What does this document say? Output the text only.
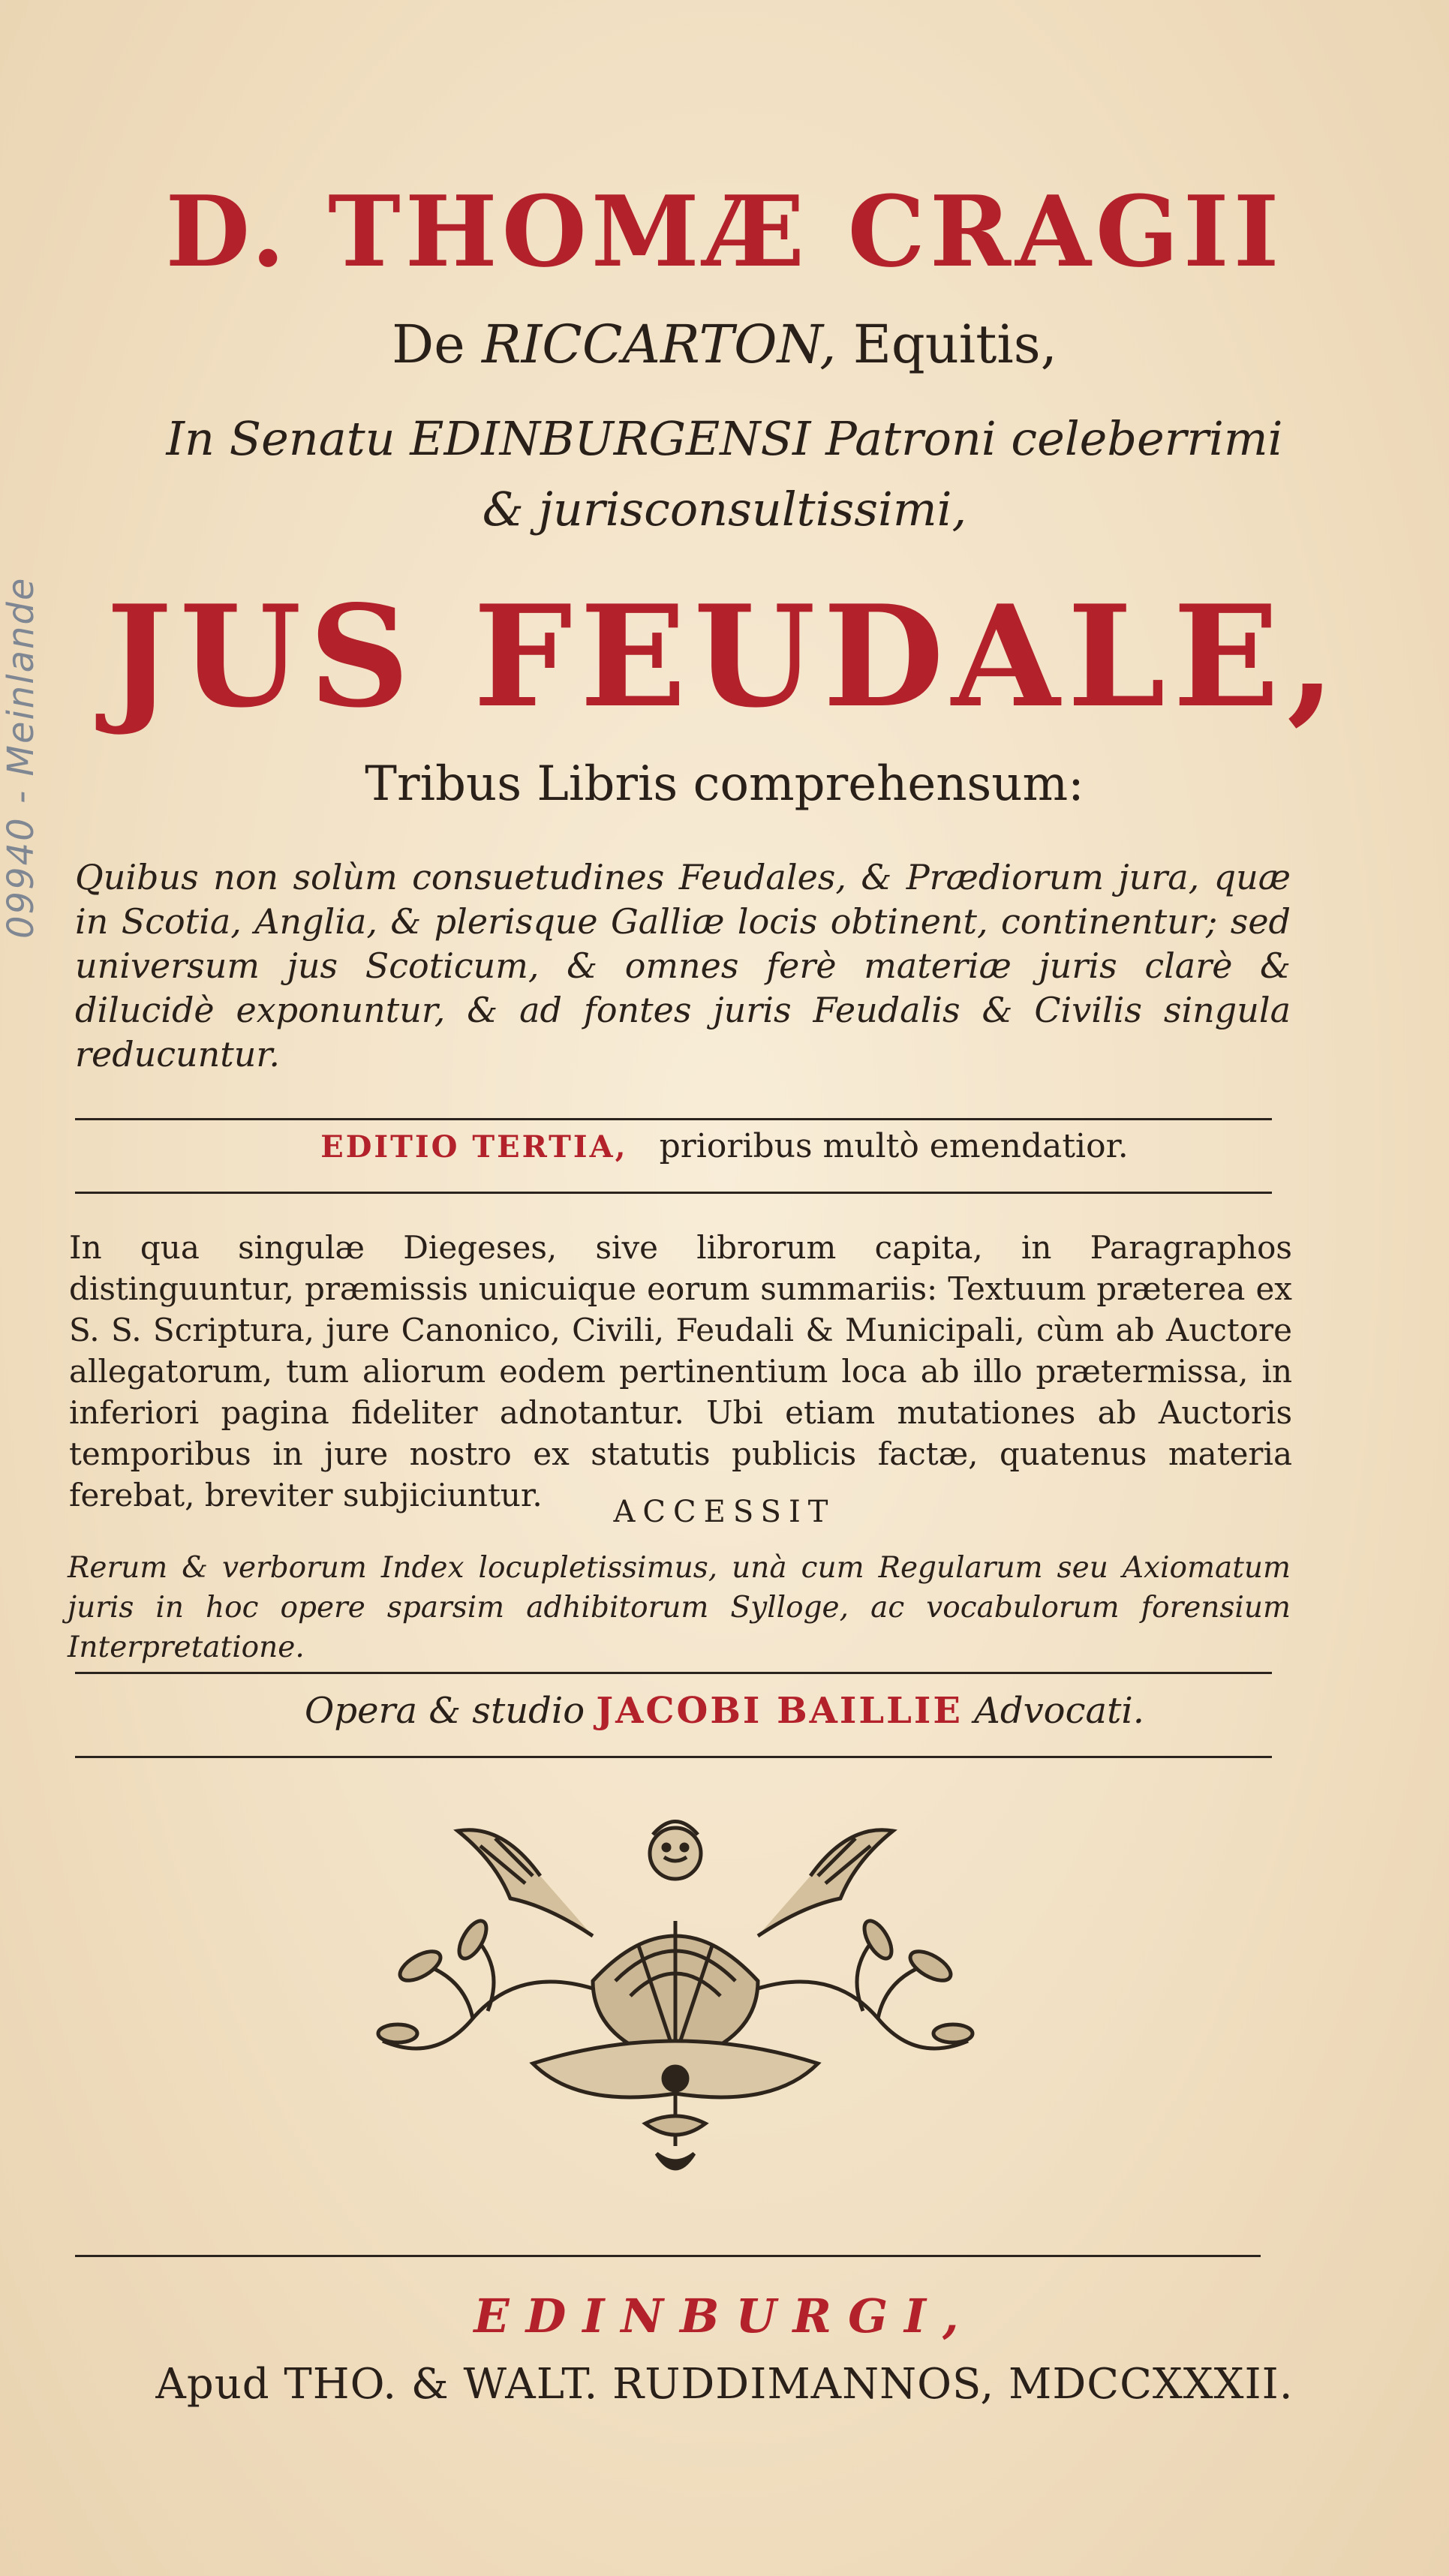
09940 - Meinlande
D. THOMÆ CRAGII
De RICCARTON, Equitis,
In Senatu EDINBURGENSI Patroni celeberrimi
& jurisconsultissimi,
JUS FEUDALE,
Tribus Libris comprehensum:
Quibus non solùm consuetudines Feudales, & Prædiorum jura, quæ in Scotia, Anglia, & plerisque Galliæ locis obtinent, continentur; sed universum jus Scoticum, & omnes ferè materiæ juris clarè & dilucidè exponuntur, & ad fontes juris Feudalis & Civilis singula reducuntur.
EDITIO TERTIA, prioribus multò emendatior.
In qua singulæ Diegeses, sive librorum capita, in Paragraphos distinguuntur, præmissis unicuique eorum summariis: Textuum præterea ex S. S. Scriptura, jure Canonico, Civili, Feudali & Municipali, cùm ab Auctore allegatorum, tum aliorum eodem pertinentium loca ab illo prætermissa, in inferiori pagina fideliter adnotantur. Ubi etiam mutationes ab Auctoris temporibus in jure nostro ex statutis publicis factæ, quatenus materia ferebat, breviter subjiciuntur.	ACCESSIT
Rerum & verborum Index locupletissimus, unà cum Regularum seu Axiomatum juris in hoc opere sparsim adhibitorum Sylloge, ac vocabulorum forensium Interpretatione.
Opera & studio JACOBI BAILLIE Advocati.
EDINBURGI,
Apud THO. & WALT. RUDDIMANNOS, MDCCXXXII.
